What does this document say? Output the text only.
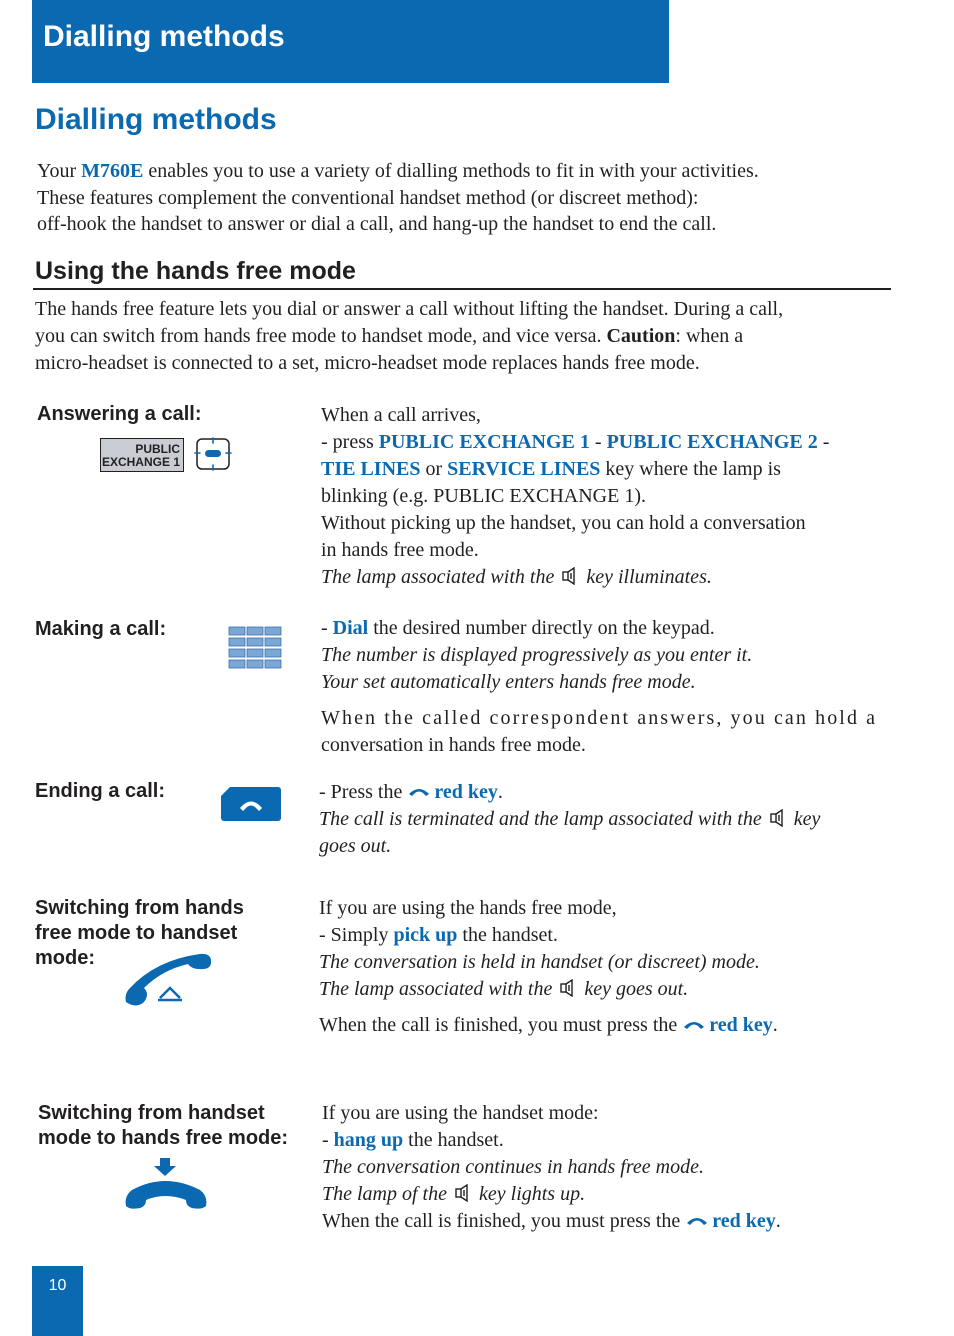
Dialling methods
Dialling methods
Your M760E enables you to use a variety of dialling methods to fit in with your activities.
These features complement the conventional handset method (or discreet method):
off-hook the handset to answer or dial a call, and hang-up the handset to end the call.
Using the hands free mode
The hands free feature lets you dial or answer a call without lifting the handset. During a call,
you can switch from hands free mode to handset mode, and vice versa. Caution: when a
micro-headset is connected to a set, micro-headset mode replaces hands free mode.
Answering a call:
PUBLIC
EXCHANGE 1
When a call arrives,
- press PUBLIC EXCHANGE 1 - PUBLIC EXCHANGE 2 -
TIE LINES or SERVICE LINES key where the lamp is
blinking (e.g. PUBLIC EXCHANGE 1).
Without picking up the handset, you can hold a conversation
in hands free mode.
The lamp associated with the key illuminates.
Making a call:	- Dial the desired number directly on the keypad.
The number is displayed progressively as you enter it.
Your set automatically enters hands free mode.
When the called correspondent answers, you can hold a
conversation in hands free mode.
Ending a call:	- Press the red key.
The call is terminated and the lamp associated with the key
goes out.
Switching from hands
free mode to handset
mode:
If you are using the hands free mode,
- Simply pick up the handset.
The conversation is held in handset (or discreet) mode.
The lamp associated with the key goes out.
When the call is finished, you must press the red key.
Switching from handset
mode to hands free mode:
If you are using the handset mode:
- hang up the handset.
The conversation continues in hands free mode.
The lamp of the key lights up.
When the call is finished, you must press the red key.
10
